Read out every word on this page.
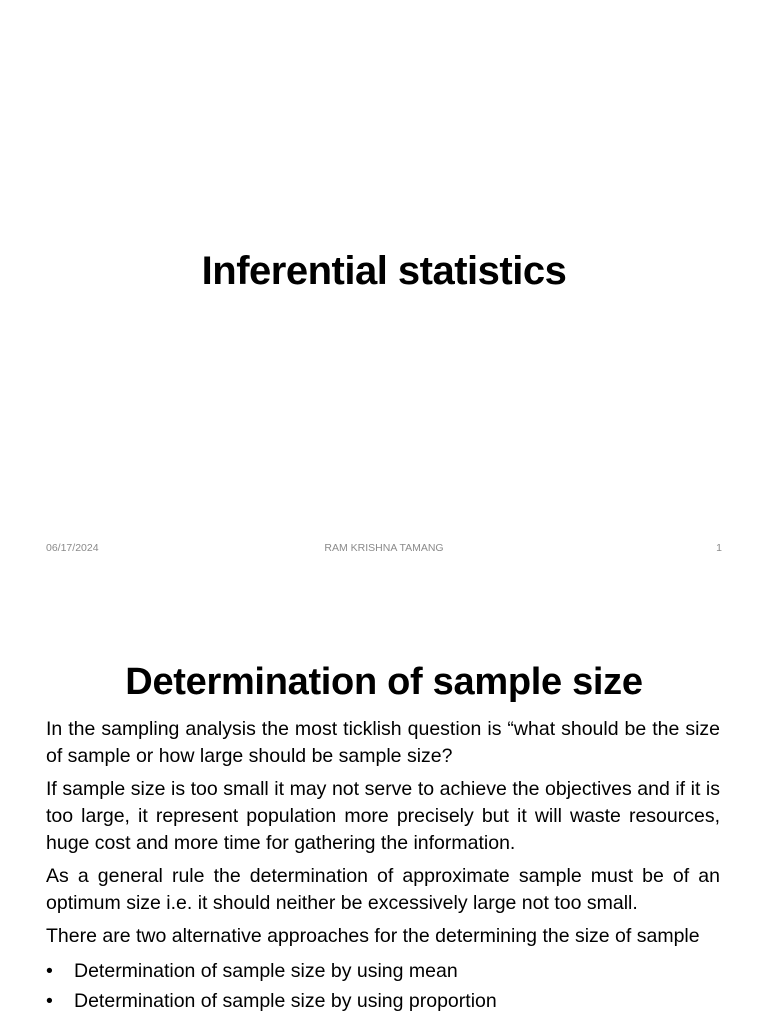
Inferential statistics
06/17/2024	RAM KRISHNA TAMANG	1
Determination of sample size

In the sampling analysis the most ticklish question is “what should be the size of sample or how large should be sample size?

If sample size is too small it may not serve to achieve the objectives and if it is too large, it represent population more precisely but it will waste resources, huge cost and more time for gathering the information.

As a general rule the determination of approximate sample must be of an optimum size i.e. it should neither be excessively large not too small.

There are two alternative approaches for the determining the size of sample

• Determination of sample size by using mean
• Determination of sample size by using proportion
